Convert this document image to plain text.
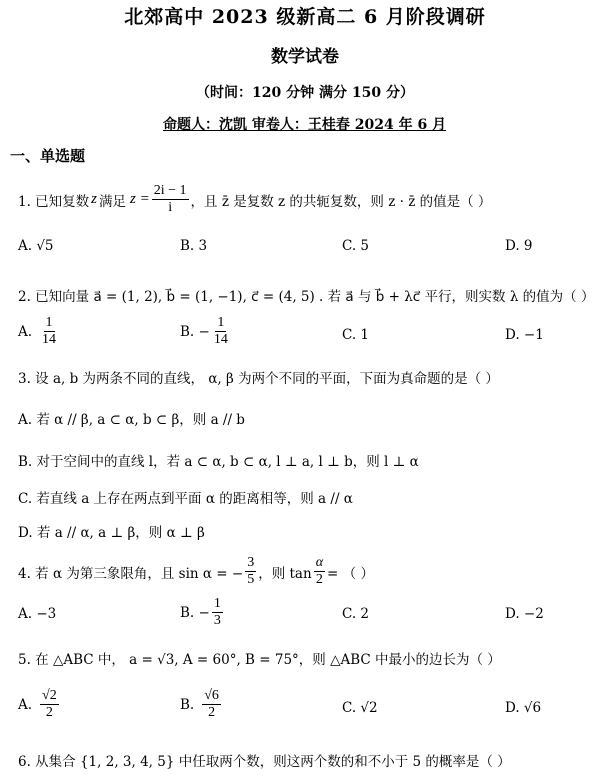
北郊高中 2023 级新高二 6 月阶段调研
数学试卷
（时间：120 分钟 满分 150 分）
命题人：沈凯 审卷人：王桂春 2024 年 6 月
一、单选题
1. 已知复数 z 满足 $z = \frac{2i - 1}{i}$ ，且 z̄ 是复数 z 的共轭复数，则 z · z̄ 的值是（ ）
A. √5	B. 3	C. 5	D. 9
2. 已知向量 a⃗ = (1, 2), b⃗ = (1, −1), c⃗ = (4, 5) . 若 a⃗ 与 b⃗ + λc⃗ 平行，则实数 λ 的值为（ ）
A. $\frac{1}{14}$	B. − $\frac{1}{14}$	C. 1	D. −1
3. 设 a, b 为两条不同的直线， α, β 为两个不同的平面，下面为真命题的是（ ）
A. 若 α // β, a ⊂ α, b ⊂ β，则 a // b
B. 对于空间中的直线 l，若 a ⊂ α, b ⊂ α, l ⊥ a, l ⊥ b，则 l ⊥ α
C. 若直线 a 上存在两点到平面 α 的距离相等，则 a // α
D. 若 a // α, a ⊥ β，则 α ⊥ β
4. 若 α 为第三象限角，且 sin α = − $\frac{3}{5}$ ，则 $\tan \frac{\alpha}{2}$ = （ ）
A. −3	B. − $\frac{1}{3}$	C. 2	D. −2
5. 在 △ABC 中， a = √3, A = 60°, B = 75°，则 △ABC 中最小的边长为（ ）
A. $\frac{√2}{2}$	B. $\frac{√6}{2}$	C. √2	D. √6
6. 从集合 {1, 2, 3, 4, 5} 中任取两个数，则这两个数的和不小于 5 的概率是（ ）
